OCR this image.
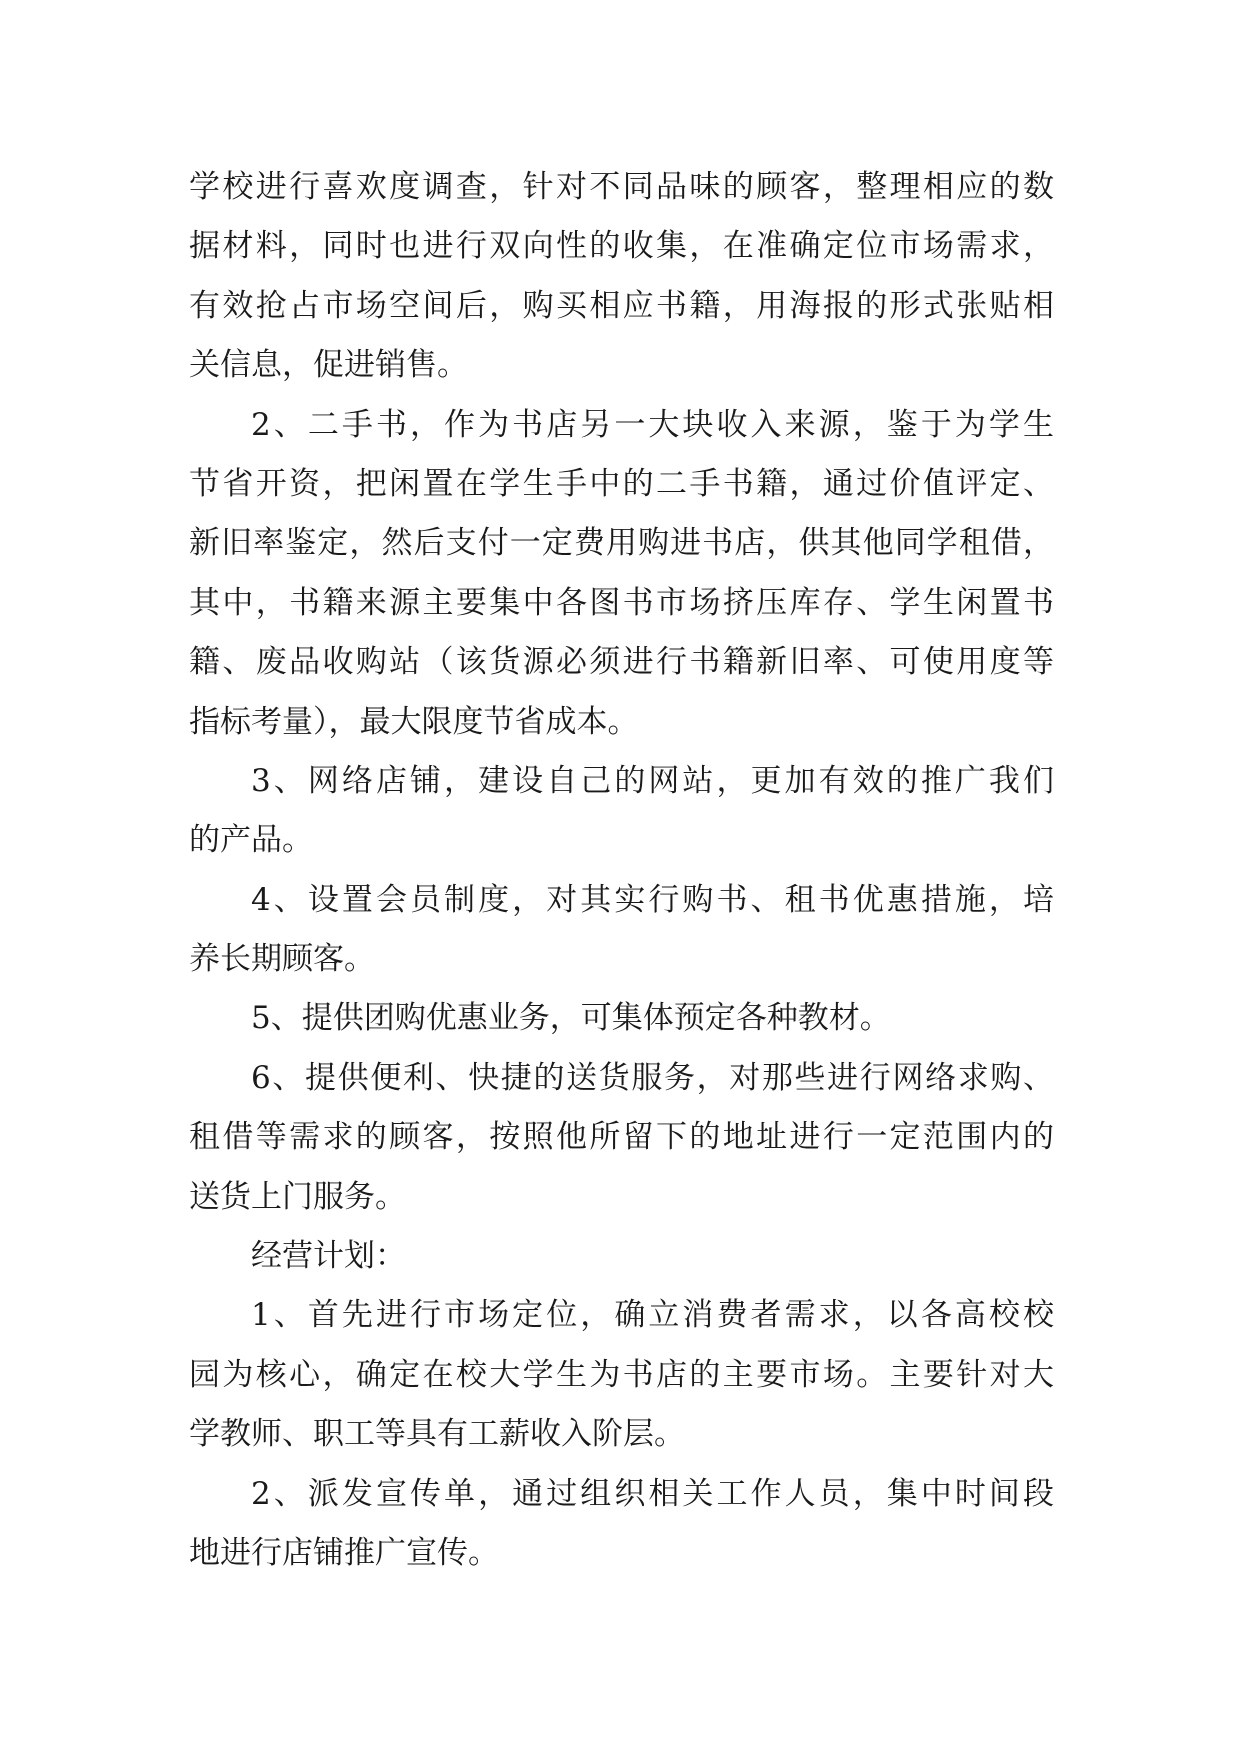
学校进行喜欢度调查，针对不同品味的顾客，整理相应的数
据材料，同时也进行双向性的收集，在准确定位市场需求，
有效抢占市场空间后，购买相应书籍，用海报的形式张贴相
关信息，促进销售。
2、二手书，作为书店另一大块收入来源，鉴于为学生
节省开资，把闲置在学生手中的二手书籍，通过价值评定、
新旧率鉴定，然后支付一定费用购进书店，供其他同学租借，
其中，书籍来源主要集中各图书市场挤压库存、学生闲置书
籍、废品收购站（该货源必须进行书籍新旧率、可使用度等
指标考量），最大限度节省成本。
3、网络店铺，建设自己的网站，更加有效的推广我们
的产品。
4、设置会员制度，对其实行购书、租书优惠措施，培
养长期顾客。
5、提供团购优惠业务，可集体预定各种教材。
6、提供便利、快捷的送货服务，对那些进行网络求购、
租借等需求的顾客，按照他所留下的地址进行一定范围内的
送货上门服务。
经营计划：
1、首先进行市场定位，确立消费者需求，以各高校校
园为核心，确定在校大学生为书店的主要市场。主要针对大
学教师、职工等具有工薪收入阶层。
2、派发宣传单，通过组织相关工作人员，集中时间段
地进行店铺推广宣传。
